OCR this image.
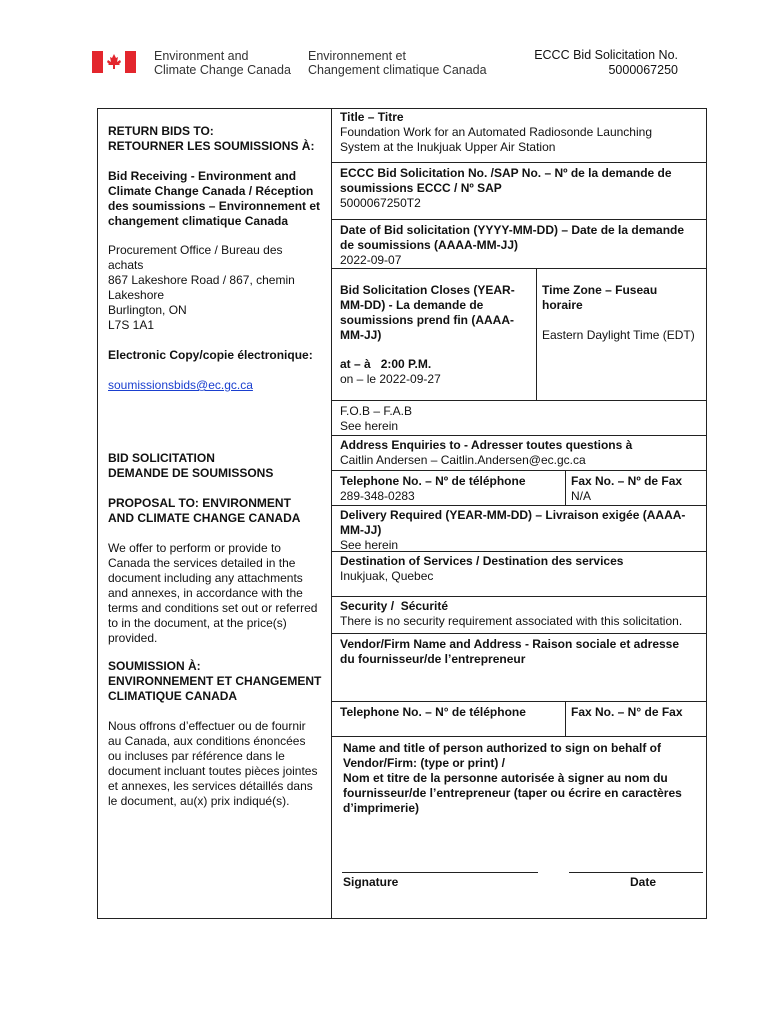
Environment and
Climate Change Canada
Environnement et
Changement climatique Canada
ECCC Bid Solicitation No.
5000067250
RETURN BIDS TO:
RETOURNER LES SOUMISSIONS À:
Bid Receiving - Environment and
Climate Change Canada / Réception
des soumissions – Environnement et
changement climatique Canada
Procurement Office / Bureau des
achats
867 Lakeshore Road / 867, chemin
Lakeshore
Burlington, ON
L7S 1A1
Electronic Copy/copie électronique:
soumissionsbids@ec.gc.ca
BID SOLICITATION
DEMANDE DE SOUMISSONS
PROPOSAL TO: ENVIRONMENT
AND CLIMATE CHANGE CANADA
We offer to perform or provide to
Canada the services detailed in the
document including any attachments
and annexes, in accordance with the
terms and conditions set out or referred
to in the document, at the price(s)
provided.
SOUMISSION À:
ENVIRONNEMENT ET CHANGEMENT
CLIMATIQUE CANADA
Nous offrons d’effectuer ou de fournir
au Canada, aux conditions énoncées
ou incluses par référence dans le
document incluant toutes pièces jointes
et annexes, les services détaillés dans
le document, au(x) prix indiqué(s).
Title – Titre
Foundation Work for an Automated Radiosonde Launching
System at the Inukjuak Upper Air Station
ECCC Bid Solicitation No. /SAP No. – Nº de la demande de
soumissions ECCC / Nº SAP
5000067250T2
Date of Bid solicitation (YYYY-MM-DD) – Date de la demande
de soumissions (AAAA-MM-JJ)
2022-09-07
Bid Solicitation Closes (YEAR-
MM-DD) - La demande de
soumissions prend fin (AAAA-
MM-JJ)
at – à   2:00 P.M.
on – le 2022-09-27
Time Zone – Fuseau
horaire
Eastern Daylight Time (EDT)
F.O.B – F.A.B
See herein
Address Enquiries to - Adresser toutes questions à
Caitlin Andersen – Caitlin.Andersen@ec.gc.ca
Telephone No. – Nº de téléphone
289-348-0283
Fax No. – Nº de Fax
N/A
Delivery Required (YEAR-MM-DD) – Livraison exigée (AAAA-
MM-JJ)
See herein
Destination of Services / Destination des services
Inukjuak, Quebec
Security /  Sécurité
There is no security requirement associated with this solicitation.
Vendor/Firm Name and Address - Raison sociale et adresse
du fournisseur/de l’entrepreneur
Telephone No. – N° de téléphone	Fax No. – N° de Fax
Name and title of person authorized to sign on behalf of
Vendor/Firm: (type or print) /
Nom et titre de la personne autorisée à signer au nom du
fournisseur/de l’entrepreneur (taper ou écrire en caractères
d’imprimerie)
Signature	Date
